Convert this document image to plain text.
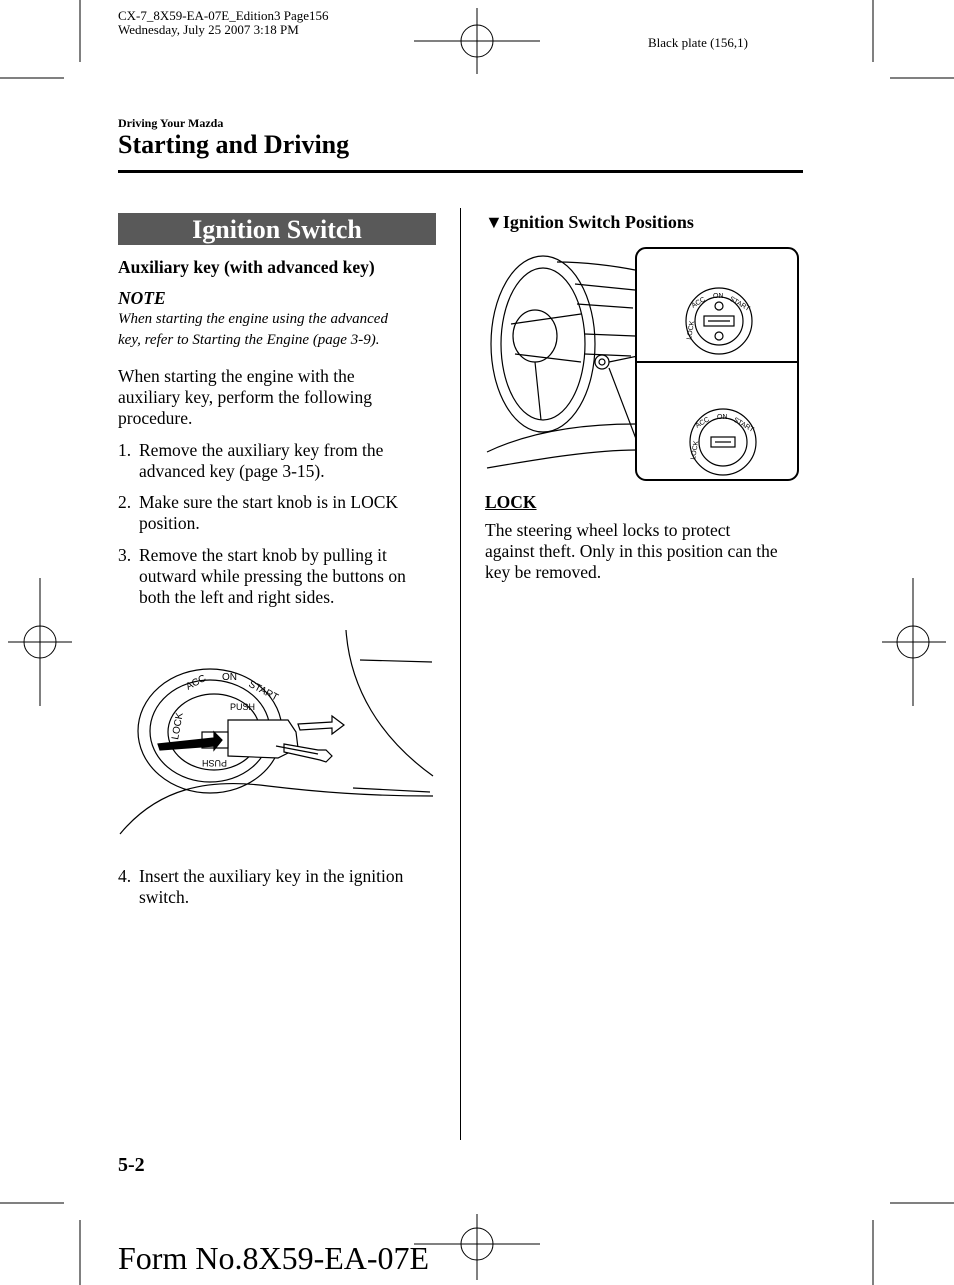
CX-7_8X59-EA-07E_Edition3 Page156
Wednesday, July 25 2007 3:18 PM
Black plate (156,1)
Driving Your Mazda
Starting and Driving
Ignition Switch
Auxiliary key (with advanced key)
NOTE
When starting the engine using the advanced
key, refer to Starting the Engine (page 3-9).
When starting the engine with the
auxiliary key, perform the following
procedure.
1. Remove the auxiliary key from the
advanced key (page 3-15).
2. Make sure the start knob is in LOCK
position.
3. Remove the start knob by pulling it
outward while pressing the buttons on
both the left and right sides.
ACC ON
START
LOCK
PUSH
PUSH
4. Insert the auxiliary key in the ignition
switch.
▼Ignition Switch Positions
ACC ON START
LOCK
ACC ON START
LOCK
LOCK
The steering wheel locks to protect
against theft. Only in this position can the
key be removed.
5-2
Form No.8X59-EA-07E
